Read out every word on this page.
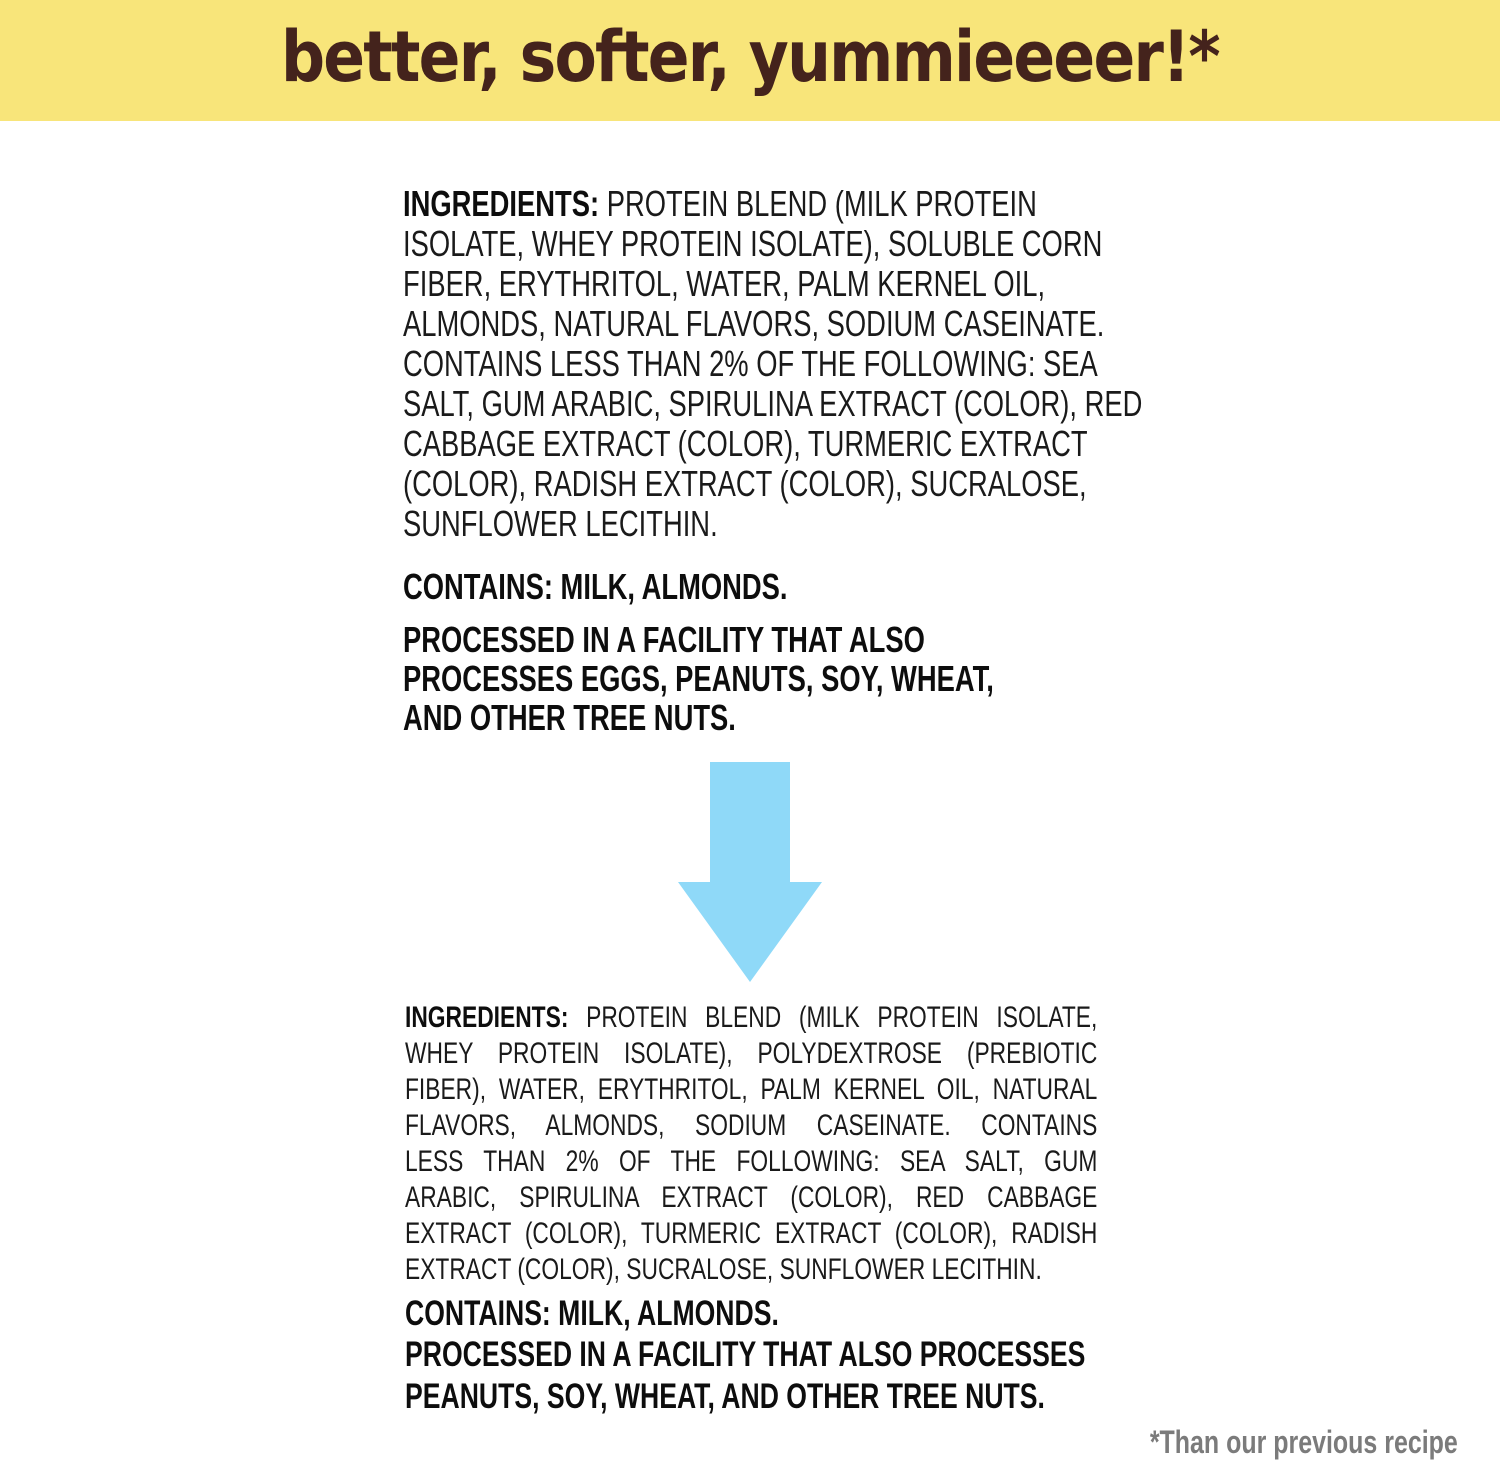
better, softer, yummieeeer!*
INGREDIENTS: PROTEIN BLEND (MILK PROTEIN
ISOLATE, WHEY PROTEIN ISOLATE), SOLUBLE CORN
FIBER, ERYTHRITOL, WATER, PALM KERNEL OIL,
ALMONDS, NATURAL FLAVORS, SODIUM CASEINATE.
CONTAINS LESS THAN 2% OF THE FOLLOWING: SEA
SALT, GUM ARABIC, SPIRULINA EXTRACT (COLOR), RED
CABBAGE EXTRACT (COLOR), TURMERIC EXTRACT
(COLOR), RADISH EXTRACT (COLOR), SUCRALOSE,
SUNFLOWER LECITHIN.
CONTAINS: MILK, ALMONDS.
PROCESSED IN A FACILITY THAT ALSO
PROCESSES EGGS, PEANUTS, SOY, WHEAT,
AND OTHER TREE NUTS.
INGREDIENTS: PROTEIN BLEND (MILK PROTEIN ISOLATE,
WHEY PROTEIN ISOLATE), POLYDEXTROSE (PREBIOTIC
FIBER), WATER, ERYTHRITOL, PALM KERNEL OIL, NATURAL
FLAVORS, ALMONDS, SODIUM CASEINATE. CONTAINS
LESS THAN 2% OF THE FOLLOWING: SEA SALT, GUM
ARABIC, SPIRULINA EXTRACT (COLOR), RED CABBAGE
EXTRACT (COLOR), TURMERIC EXTRACT (COLOR), RADISH
EXTRACT (COLOR), SUCRALOSE, SUNFLOWER LECITHIN.
CONTAINS: MILK, ALMONDS.
PROCESSED IN A FACILITY THAT ALSO PROCESSES
PEANUTS, SOY, WHEAT, AND OTHER TREE NUTS.
*Than our previous recipe
